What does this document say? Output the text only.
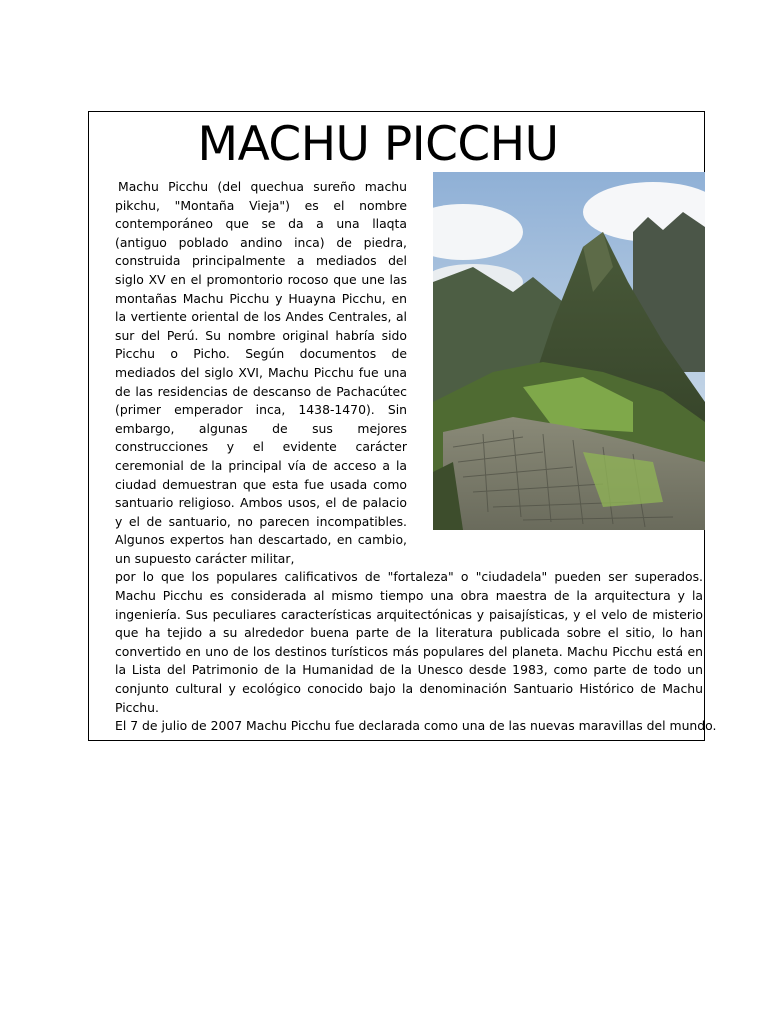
MACHU PICCHU

Machu Picchu (del quechua sureño machu pikchu, "Montaña Vieja") es el nombre contemporáneo que se da a una llaqta (antiguo poblado andino inca) de piedra, construida principalmente a mediados del siglo XV en el promontorio rocoso que une las montañas Machu Picchu y Huayna Picchu, en la vertiente oriental de los Andes Centrales, al sur del Perú. Su nombre original habría sido Picchu o Picho. Según documentos de mediados del siglo XVI, Machu Picchu fue una de las residencias de descanso de Pachacútec (primer emperador inca, 1438-1470). Sin embargo, algunas de sus mejores construcciones y el evidente carácter ceremonial de la principal vía de acceso a la ciudad demuestran que esta fue usada como santuario religioso. Ambos usos, el de palacio y el de santuario, no parecen incompatibles. Algunos expertos han descartado, en cambio, un supuesto carácter militar,

por lo que los populares calificativos de "fortaleza" o "ciudadela" pueden ser superados. Machu Picchu es considerada al mismo tiempo una obra maestra de la arquitectura y la ingeniería. Sus peculiares características arquitectónicas y paisajísticas, y el velo de misterio que ha tejido a su alrededor buena parte de la literatura publicada sobre el sitio, lo han convertido en uno de los destinos turísticos más populares del planeta. Machu Picchu está en la Lista del Patrimonio de la Humanidad de la Unesco desde 1983, como parte de todo un conjunto cultural y ecológico conocido bajo la denominación Santuario Histórico de Machu Picchu.

El 7 de julio de 2007 Machu Picchu fue declarada como una de las nuevas maravillas del mundo.
